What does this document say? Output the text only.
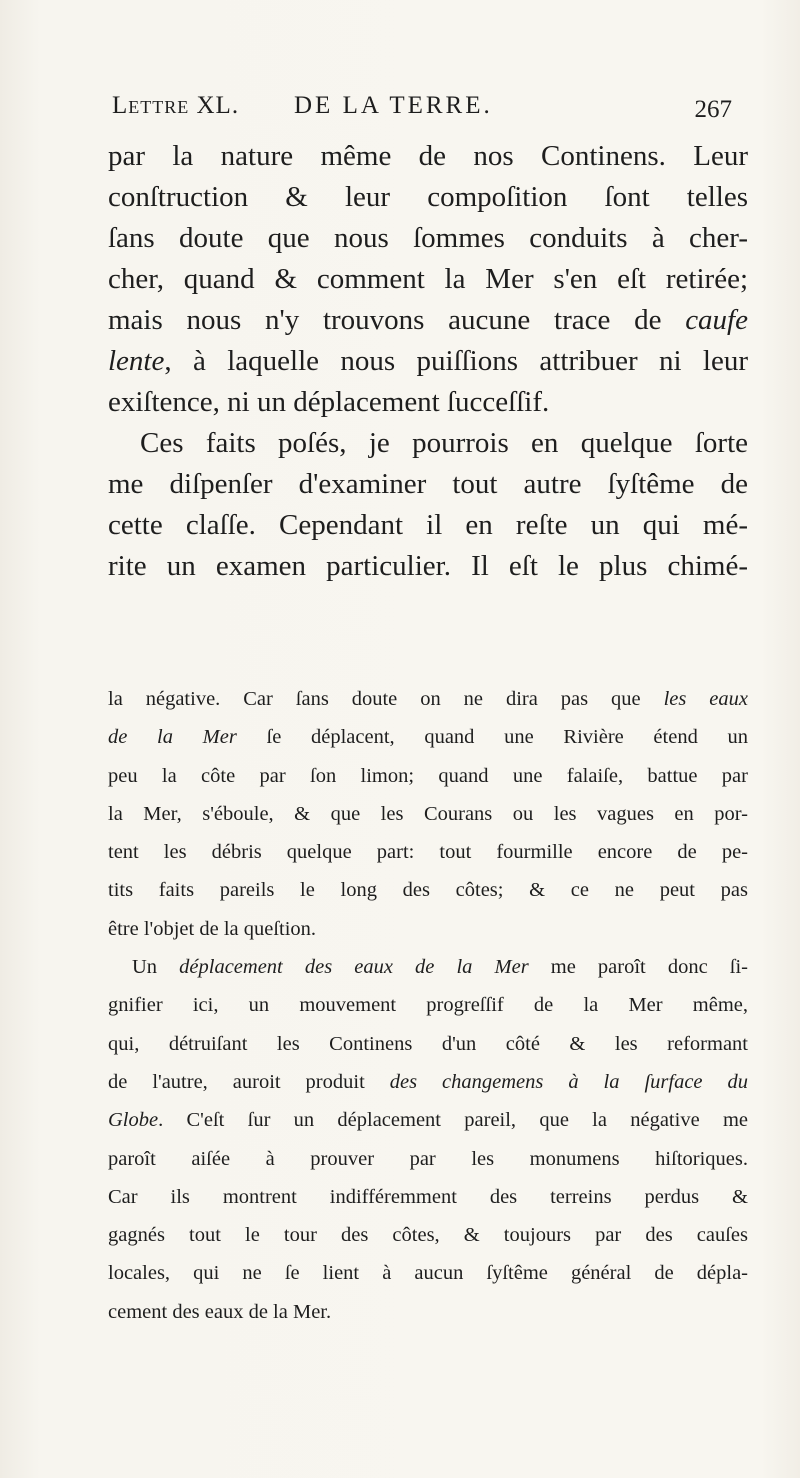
Lettre XL. DE LA TERRE.	267

par la nature même de nos Continens. Leur

conſtruction & leur compoſition ſont telles

ſans doute que nous ſommes conduits à cher-

cher, quand & comment la Mer s'en eſt retirée;

mais nous n'y trouvons aucune trace de caufe

lente, à laquelle nous puiſſions attribuer ni leur

exiſtence, ni un déplacement ſucceſſif.

Ces faits poſés, je pourrois en quelque ſorte

me diſpenſer d'examiner tout autre ſyſtême de

cette claſſe. Cependant il en reſte un qui mé-

rite un examen particulier. Il eſt le plus chimé-

la négative. Car ſans doute on ne dira pas que les eaux

de la Mer ſe déplacent, quand une Rivière étend un

peu la côte par ſon limon; quand une falaiſe, battue par

la Mer, s'éboule, & que les Courans ou les vagues en por-

tent les débris quelque part: tout fourmille encore de pe-

tits faits pareils le long des côtes; & ce ne peut pas

être l'objet de la queſtion.

Un déplacement des eaux de la Mer me paroît donc ſi-

gnifier ici, un mouvement progreſſif de la Mer même,

qui, détruiſant les Continens d'un côté & les reformant

de l'autre, auroit produit des changemens à la ſurface du

Globe. C'eſt ſur un déplacement pareil, que la négative me

paroît aiſée à prouver par les monumens hiſtoriques.

Car ils montrent indifféremment des terreins perdus &

gagnés tout le tour des côtes, & toujours par des cauſes

locales, qui ne ſe lient à aucun ſyſtême général de dépla-

cement des eaux de la Mer.
